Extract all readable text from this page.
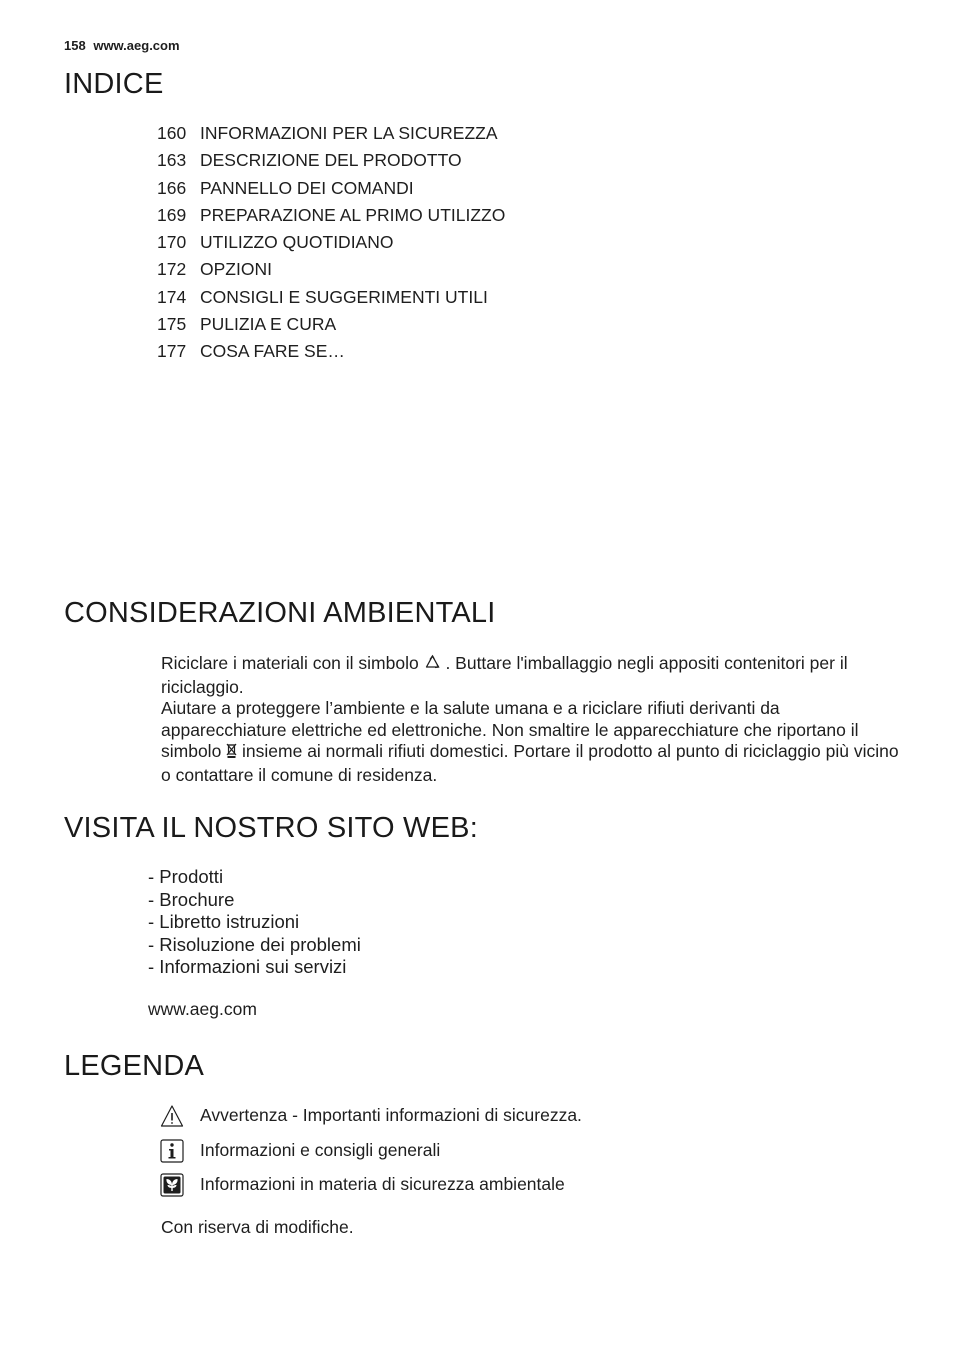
158 www.aeg.com
INDICE
160 INFORMAZIONI PER LA SICUREZZA
163 DESCRIZIONE DEL PRODOTTO
166 PANNELLO DEI COMANDI
169 PREPARAZIONE AL PRIMO UTILIZZO
170 UTILIZZO QUOTIDIANO
172 OPZIONI
174 CONSIGLI E SUGGERIMENTI UTILI
175 PULIZIA E CURA
177 COSA FARE SE…
CONSIDERAZIONI AMBIENTALI

Riciclare i materiali con il simbolo  . Buttare l'imballaggio negli appositi contenitori per il riciclaggio.

Aiutare a proteggere l’ambiente e la salute umana e a riciclare rifiuti derivanti da apparecchiature elettriche ed elettroniche. Non smaltire le apparecchiature che riportano il simbolo  insieme ai normali rifiuti domestici. Portare il prodotto al punto di riciclaggio più vicino o contattare il comune di residenza.

VISITA IL NOSTRO SITO WEB:
- Prodotti
- Brochure
- Libretto istruzioni
- Risoluzione dei problemi
- Informazioni sui servizi
www.aeg.com
LEGENDA
Avvertenza - Importanti informazioni di sicurezza.
Informazioni e consigli generali
Informazioni in materia di sicurezza ambientale
Con riserva di modifiche.
